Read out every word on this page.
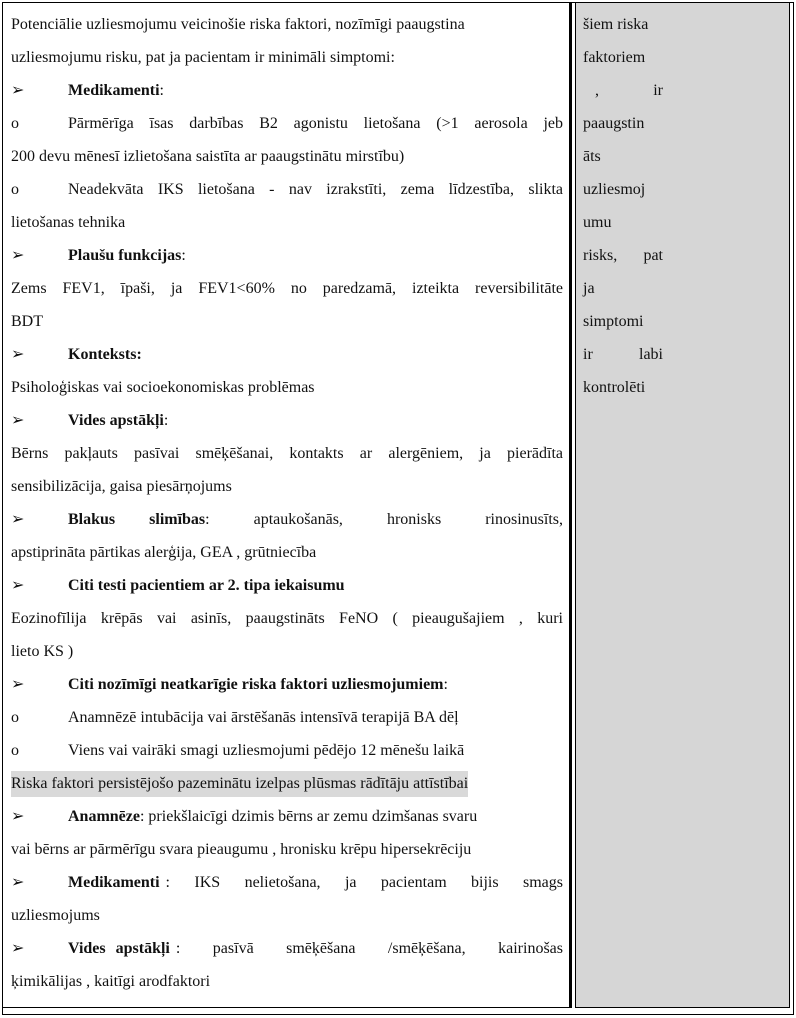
Potenciālie uzliesmojumu veicinošie riska faktori, nozīmīgi paaugstina
uzliesmojumu risku, pat ja pacientam ir minimāli simptomi:
➢	Medikamenti:
o	Pārmērīga īsas darbības B2 agonistu lietošana (>1 aerosola jeb
200 devu mēnesī izlietošana saistīta ar paaugstinātu mirstību)
o	Neadekvāta IKS lietošana - nav izrakstīti, zema līdzestība, slikta
lietošanas tehnika
➢	Plaušu funkcijas:
Zems FEV1, īpaši, ja FEV1<60% no paredzamā, izteikta reversibilitāte
BDT
➢	Konteksts:
Psiholoģiskas vai socioekonomiskas problēmas
➢	Vides apstākļi:
Bērns pakļauts pasīvai smēķēšanai, kontakts ar alergēniem, ja pierādīta
sensibilizācija, gaisa piesārņojums
➢	Blakus slimības : aptaukošanās, hronisks rinosinusīts,
apstiprināta pārtikas alerģija, GEA , grūtniecība
➢	Citi testi pacientiem ar 2. tipa iekaisumu
Eozinofīlija krēpās vai asinīs, paaugstināts FeNO ( pieaugušajiem , kuri
lieto KS )
➢	Citi nozīmīgi neatkarīgie riska faktori uzliesmojumiem:
o	Anamnēzē intubācija vai ārstēšanās intensīvā terapijā BA dēļ
o	Viens vai vairāki smagi uzliesmojumi pēdējo 12 mēnešu laikā
Riska faktori persistējošo pazeminātu izelpas plūsmas rādītāju attīstībai
➢	Anamnēze: priekšlaicīgi dzimis bērns ar zemu dzimšanas svaru
vai bērns ar pārmērīgu svara pieaugumu , hronisku krēpu hipersekrēciju
➢	Medikamenti : IKS nelietošana, ja pacientam bijis smags
uzliesmojums
➢	Vides apstākļi : pasīvā smēķēšana /smēķēšana, kairinošas
ķimikālijas , kaitīgi arodfaktori
šiem riska
faktoriem
,	ir
paaugstin
āts
uzliesmoj
umu
risks, pat
ja
simptomi
ir	labi
kontrolēti
